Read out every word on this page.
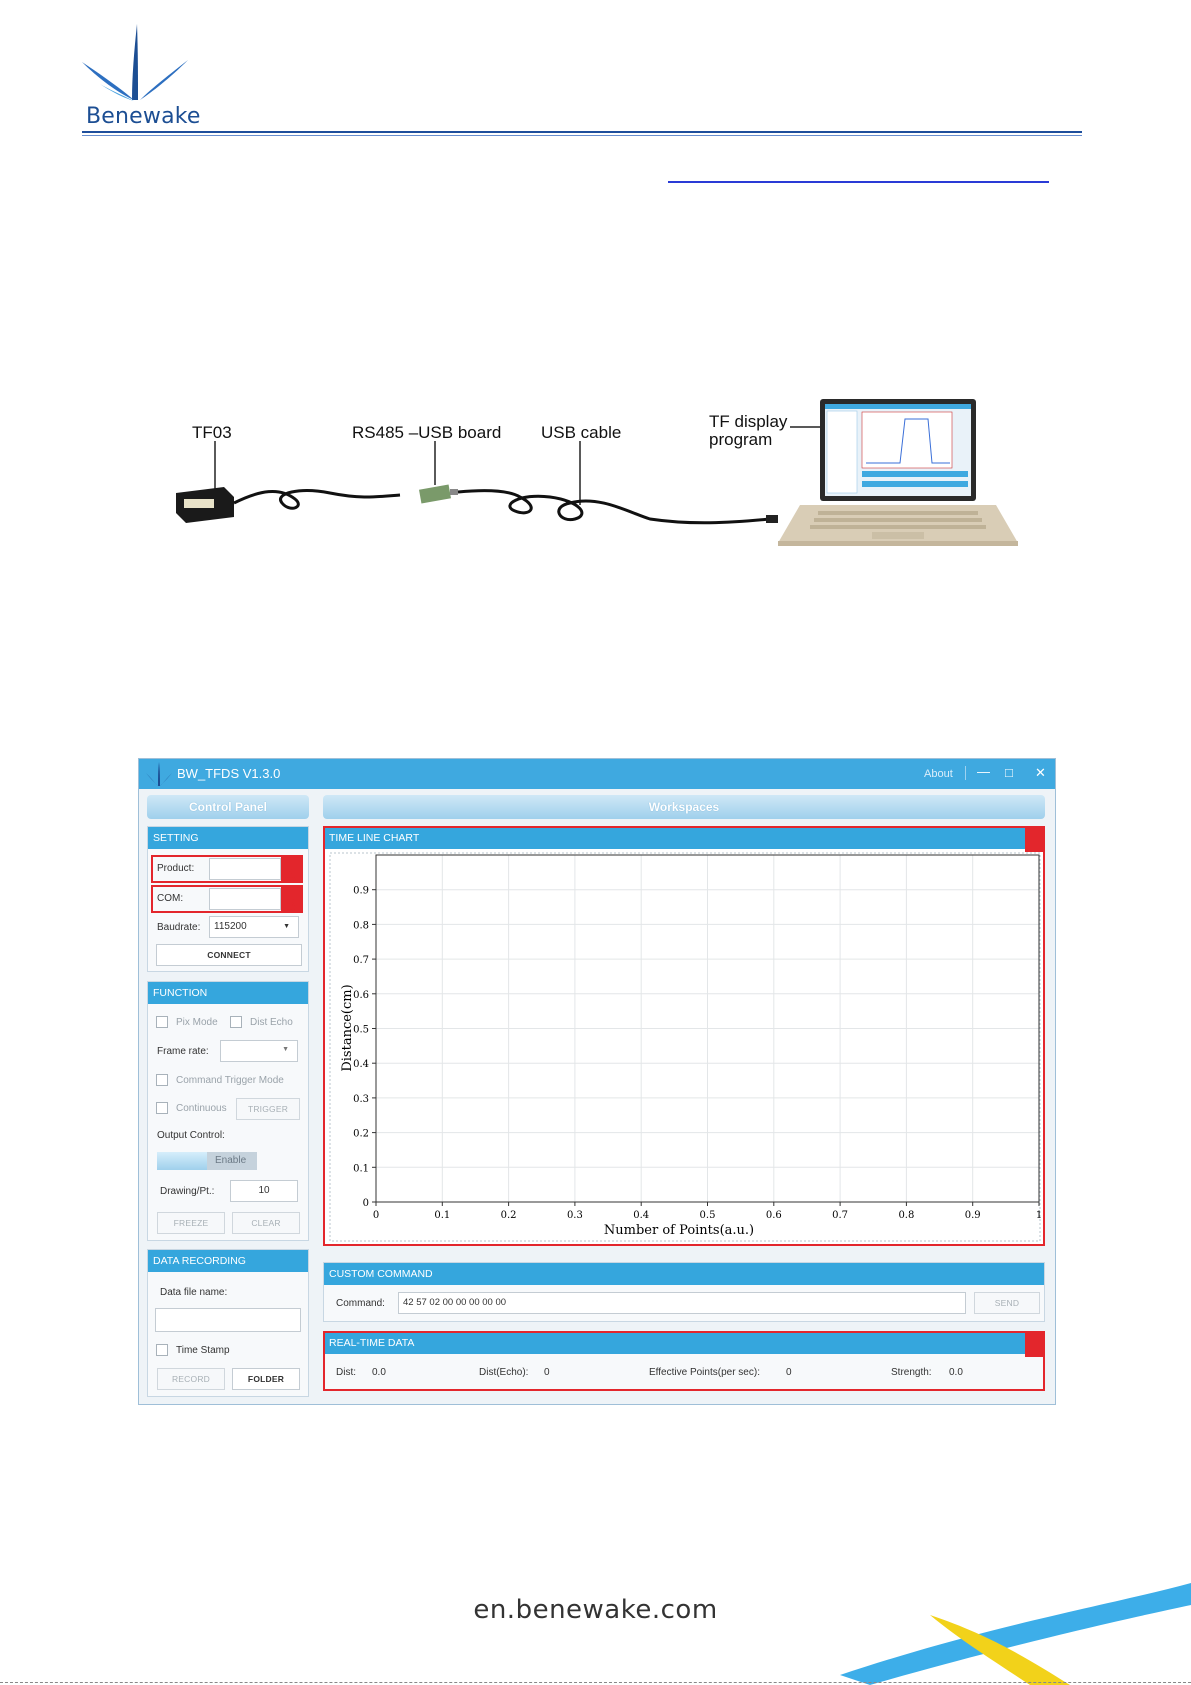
Benewake
TF03	RS485 –USB board USB cable
TF display
program
BW_TFDS V1.3.0	About — □ ✕
Control Panel
SETTING
Product:	A
COM:	B
Baudrate:	115200	▼
CONNECT
FUNCTION
Pix Mode	Dist Echo
Frame rate:	▼
Command Trigger Mode
Continuous	TRIGGER
Output Control:
Enable
Drawing/Pt.:	10
FREEZE	CLEAR
DATA RECORDING
Data file name:
Time Stamp
RECORD	FOLDER
Workspaces
TIME LINE CHART
0	0.1	0.2	0.3	0.4	0.5	0.6	0.7	0.8	0.9	1
0
0.1
0.2
0.3
0.4
0.5
0.6
0.7
0.8
0.9
Number of Points(a.u.)
Distance(cm)
CUSTOM COMMAND
Command:	42 57 02 00 00 00 00 00	SEND
REAL-TIME DATA
Dist: 0.0	Dist(Echo): 0	Effective Points(per sec):	0	Strength: 0.0
en.benewake.com
